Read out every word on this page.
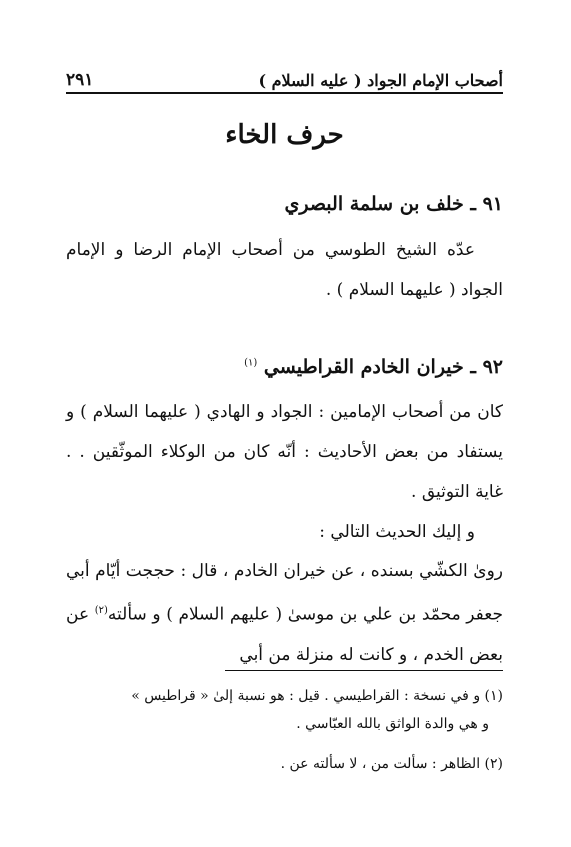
أصحاب الإمام الجواد ( عليه السلام )
٢٩١
حرف الخاء
٩١ ـ خلف بن سلمة البصري
عدّه الشيخ الطوسي من أصحاب الإمام الرضا و الإمام الجواد ( عليهما السلام ) .
٩٢ ـ خيران الخادم القراطيسي $^{(١)}$
كان من أصحاب الإمامين : الجواد و الهادي ( عليهما السلام ) و يستفاد من بعض الأحاديث : أنّه كان من الوكلاء الموثّقين . . غاية التوثيق .
و إليك الحديث التالي :
روىٰ الكشّي بسنده ، عن خيران الخادم ، قال : حججت أيّام أبي جعفر محمّد بن علي بن موسىٰ ( عليهم السلام ) و سألته$^{(٢)}$ عن بعض الخدم ، و كانت له منزلة من أبي
(١) و في نسخة : القراطيسي . قيل : هو نسبة إلىٰ « قراطيس »
و هي والدة الواثق بالله العبّاسي .
(٢) الظاهر : سألت من ، لا سألته عن .
